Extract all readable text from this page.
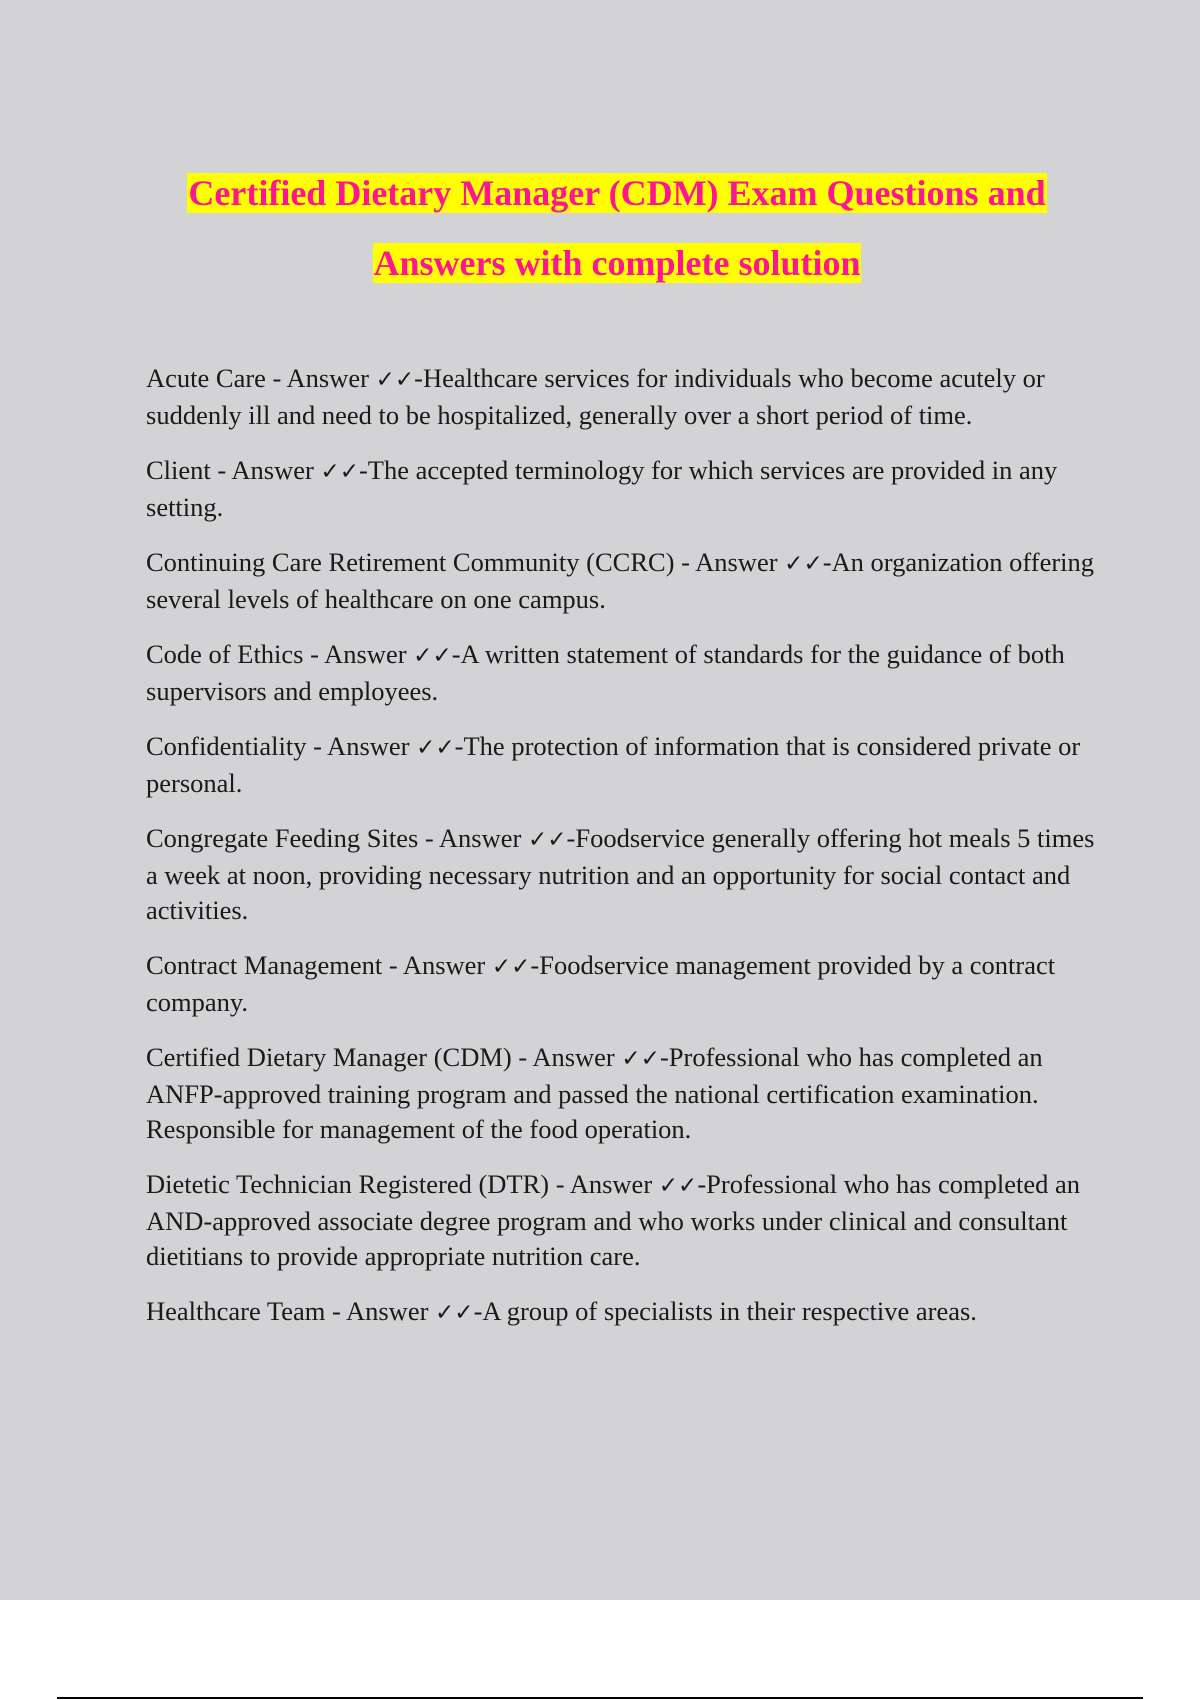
Certified Dietary Manager (CDM) Exam Questions and
Answers with complete solution

Acute Care - Answer ✓✓-Healthcare services for individuals who become acutely or suddenly ill and need to be hospitalized, generally over a short period of time.

Client - Answer ✓✓-The accepted terminology for which services are provided in any setting.

Continuing Care Retirement Community (CCRC) - Answer ✓✓-An organization offering several levels of healthcare on one campus.

Code of Ethics - Answer ✓✓-A written statement of standards for the guidance of both supervisors and employees.

Confidentiality - Answer ✓✓-The protection of information that is considered private or personal.

Congregate Feeding Sites - Answer ✓✓-Foodservice generally offering hot meals 5 times a week at noon, providing necessary nutrition and an opportunity for social contact and activities.

Contract Management - Answer ✓✓-Foodservice management provided by a contract company.

Certified Dietary Manager (CDM) - Answer ✓✓-Professional who has completed an ANFP-approved training program and passed the national certification examination. Responsible for management of the food operation.

Dietetic Technician Registered (DTR) - Answer ✓✓-Professional who has completed an AND-approved associate degree program and who works under clinical and consultant dietitians to provide appropriate nutrition care.

Healthcare Team - Answer ✓✓-A group of specialists in their respective areas.
